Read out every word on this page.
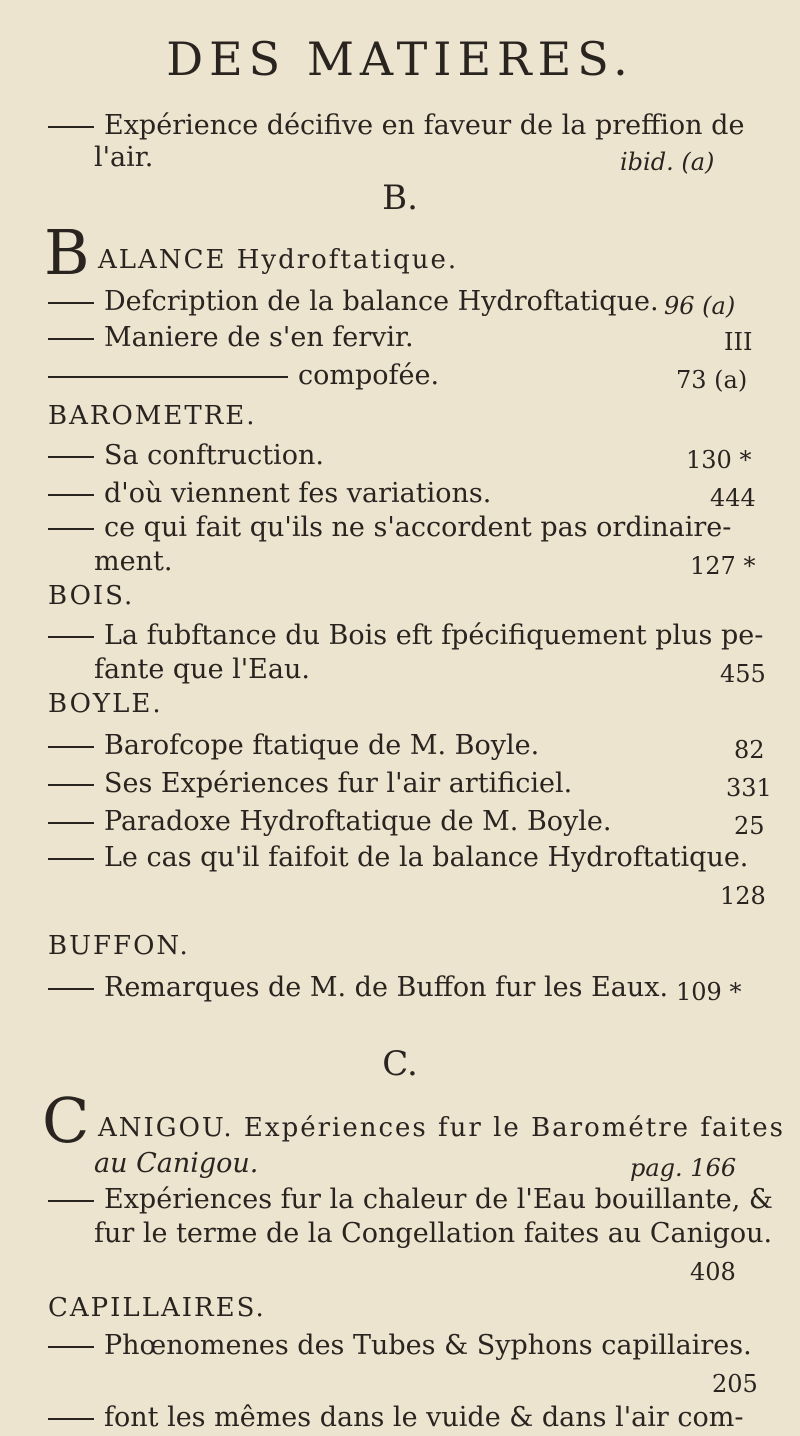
DES MATIERES.
Expérience décifive en faveur de la preffion de
l'air.	ibid. (a)
B.
B ALANCE Hydroftatique.
Defcription de la balance Hydroftatique. 96 (a)
Maniere de s'en fervir.	III
compofée.	73 (a)
BAROMETRE.
Sa conftruction.	130 *
d'où viennent fes variations.	444
ce qui fait qu'ils ne s'accordent pas ordinaire-
ment.	127 *
BOIS.
La fubftance du Bois eft fpécifiquement plus pe-
fante que l'Eau.	455
BOYLE.
Barofcope ftatique de M. Boyle.	82
Ses Expériences fur l'air artificiel.	331
Paradoxe Hydroftatique de M. Boyle.	25
Le cas qu'il faifoit de la balance Hydroftatique.
128
BUFFON.
Remarques de M. de Buffon fur les Eaux. 109 *
C.
C ANIGOU. Expériences fur le Barométre faites
au Canigou.	pag. 166
Expériences fur la chaleur de l'Eau bouillante, &
fur le terme de la Congellation faites au Canigou.
408
CAPILLAIRES.
Phœnomenes des Tubes & Syphons capillaires.
205
font les mêmes dans le vuide & dans l'air com-
